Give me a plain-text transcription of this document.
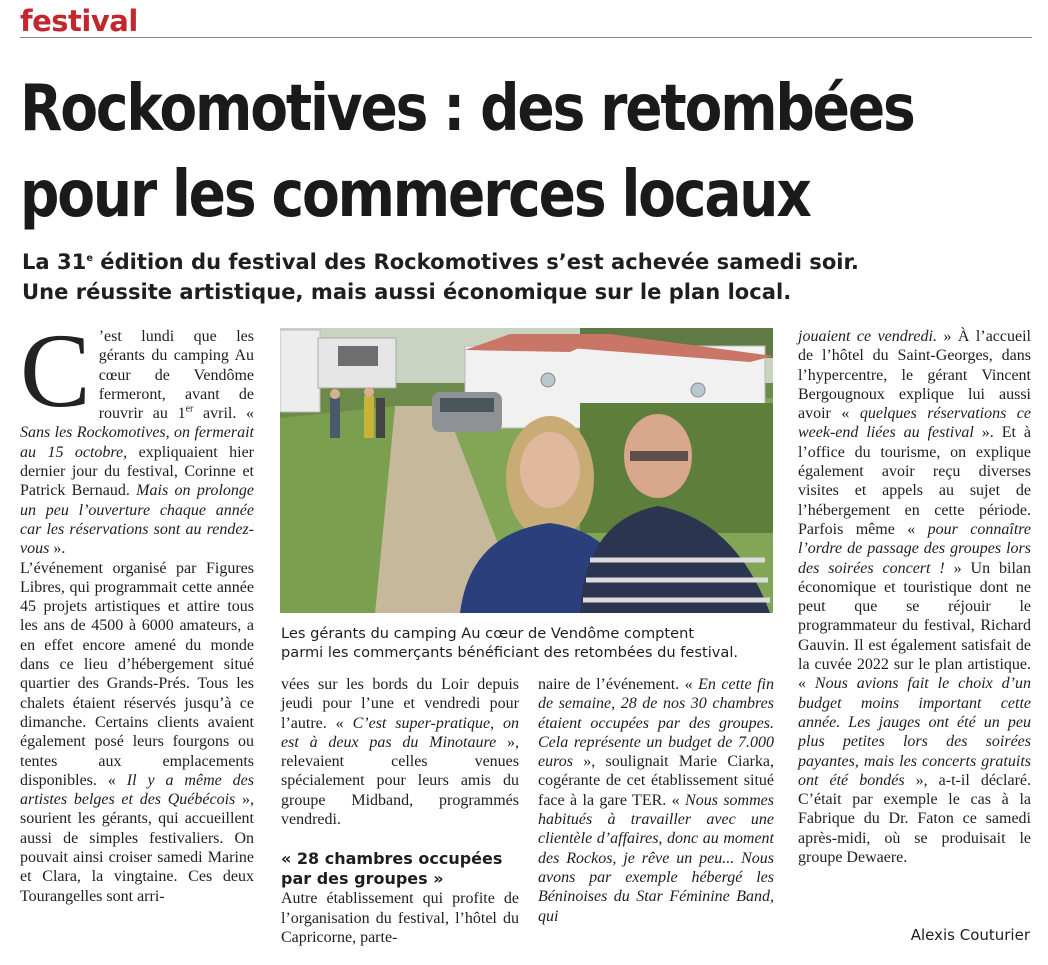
festival
Rockomotives : des retombées
pour les commerces locaux
La 31e édition du festival des Rockomotives s’est achevée samedi soir.
Une réussite artistique, mais aussi économique sur le plan local.

C ’est lundi que les gérants du camping Au cœur de Vendôme fermeront, avant de rouvrir au 1er avril. « Sans les Rockomotives, on fermerait au 15 octobre, expliquaient hier dernier jour du festival, Corinne et Patrick Bernaud. Mais on prolonge un peu l’ouverture chaque année car les réservations sont au rendez-vous ».

L’événement organisé par Figures Libres, qui programmait cette année 45 projets artistiques et attire tous les ans de 4500 à 6000 amateurs, a en effet encore amené du monde dans ce lieu d’hébergement situé quartier des Grands-Prés. Tous les chalets étaient réservés jusqu’à ce dimanche. Certains clients avaient également posé leurs fourgons ou tentes aux emplacements disponibles. « Il y a même des artistes belges et des Québécois », sourient les gérants, qui accueillent aussi de simples festivaliers. On pouvait ainsi croiser samedi Marine et Clara, la vingtaine. Ces deux Tourangelles sont arri-

Les gérants du camping Au cœur de Vendôme comptent
parmi les commerçants bénéficiant des retombées du festival.

vées sur les bords du Loir depuis jeudi pour l’une et vendredi pour l’autre. « C’est super-pratique, on est à deux pas du Minotaure », relevaient celles venues spécialement pour leurs amis du groupe Midband, programmés vendredi.

« 28 chambres occupées par des groupes »

Autre établissement qui profite de l’organisation du festival, l’hôtel du Capricorne, parte-

naire de l’événement. « En cette fin de semaine, 28 de nos 30 chambres étaient occupées par des groupes. Cela représente un budget de 7.000 euros », soulignait Marie Ciarka, cogérante de cet établissement situé face à la gare TER. « Nous sommes habitués à travailler avec une clientèle d’affaires, donc au moment des Rockos, je rêve un peu... Nous avons par exemple hébergé les Béninoises du Star Féminine Band, qui

jouaient ce vendredi. » À l’accueil de l’hôtel du Saint-Georges, dans l’hypercentre, le gérant Vincent Bergougnoux explique lui aussi avoir « quelques réservations ce week-end liées au festival ». Et à l’office du tourisme, on explique également avoir reçu diverses visites et appels au sujet de l’hébergement en cette période. Parfois même « pour connaître l’ordre de passage des groupes lors des soirées concert ! » Un bilan économique et touristique dont ne peut que se réjouir le programmateur du festival, Richard Gauvin. Il est également satisfait de la cuvée 2022 sur le plan artistique. « Nous avions fait le choix d’un budget moins important cette année. Les jauges ont été un peu plus petites lors des soirées payantes, mais les concerts gratuits ont été bondés », a-t-il déclaré. C’était par exemple le cas à la Fabrique du Dr. Faton ce samedi après-midi, où se produisait le groupe Dewaere.

Alexis Couturier
